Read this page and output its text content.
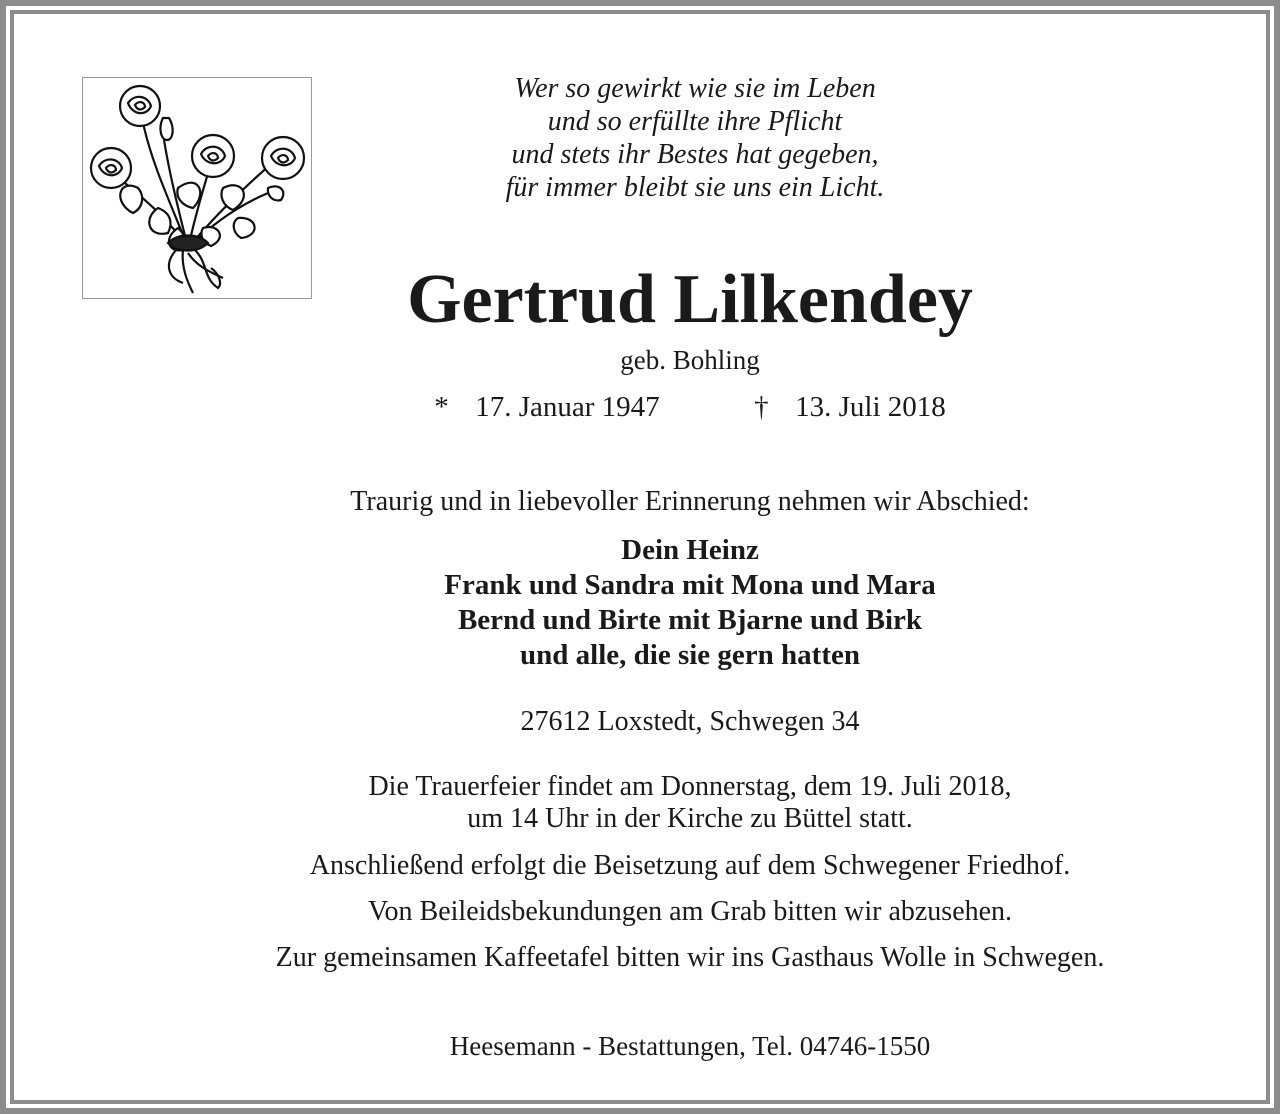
Wer so gewirkt wie sie im Leben
und so erfüllte ihre Pflicht
und stets ihr Bestes hat gegeben,
für immer bleibt sie uns ein Licht.
Gertrud Lilkendey
geb. Bohling
* 17. Januar 1947	† 13. Juli 2018
Traurig und in liebevoller Erinnerung nehmen wir Abschied:
Dein Heinz
Frank und Sandra mit Mona und Mara
Bernd und Birte mit Bjarne und Birk
und alle, die sie gern hatten
27612 Loxstedt, Schwegen 34
Die Trauerfeier findet am Donnerstag, dem 19. Juli 2018,
um 14 Uhr in der Kirche zu Büttel statt.
Anschließend erfolgt die Beisetzung auf dem Schwegener Friedhof.
Von Beileidsbekundungen am Grab bitten wir abzusehen.
Zur gemeinsamen Kaffeetafel bitten wir ins Gasthaus Wolle in Schwegen.
Heesemann - Bestattungen, Tel. 04746-1550
